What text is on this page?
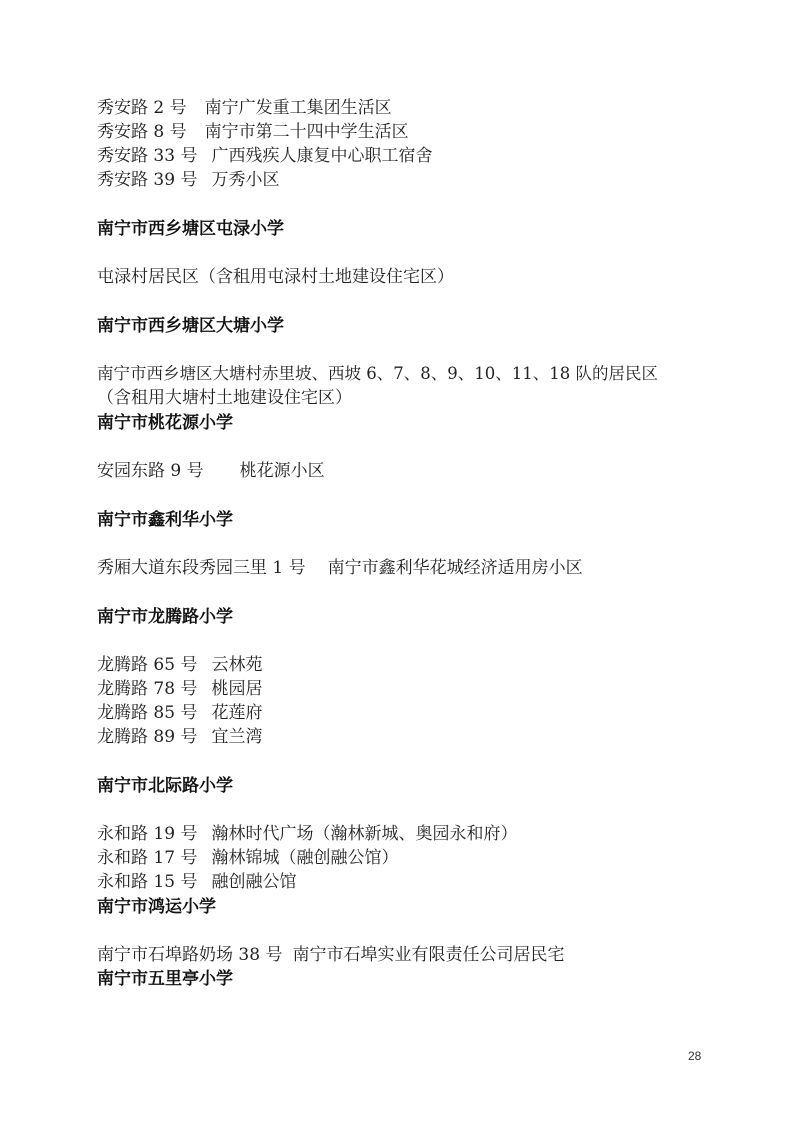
秀安路 2 号 南宁广发重工集团生活区
秀安路 8 号 南宁市第二十四中学生活区
秀安路 33 号 广西残疾人康复中心职工宿舍
秀安路 39 号 万秀小区
南宁市西乡塘区屯渌小学
屯渌村居民区（含租用屯渌村土地建设住宅区）
南宁市西乡塘区大塘小学
南宁市西乡塘区大塘村赤里坡、西坡 6、7、8、9、10、11、18 队的居民区
（含租用大塘村土地建设住宅区）
南宁市桃花源小学
安园东路 9 号 桃花源小区
南宁市鑫利华小学
秀厢大道东段秀园三里 1 号 南宁市鑫利华花城经济适用房小区
南宁市龙腾路小学
龙腾路 65 号 云林苑
龙腾路 78 号 桃园居
龙腾路 85 号 花莲府
龙腾路 89 号 宜兰湾
南宁市北际路小学
永和路 19 号 瀚林时代广场（瀚林新城、奥园永和府）
永和路 17 号 瀚林锦城（融创融公馆）
永和路 15 号 融创融公馆
南宁市鸿运小学
南宁市石埠路奶场 38 号 南宁市石埠实业有限责任公司居民宅
南宁市五里亭小学
28
